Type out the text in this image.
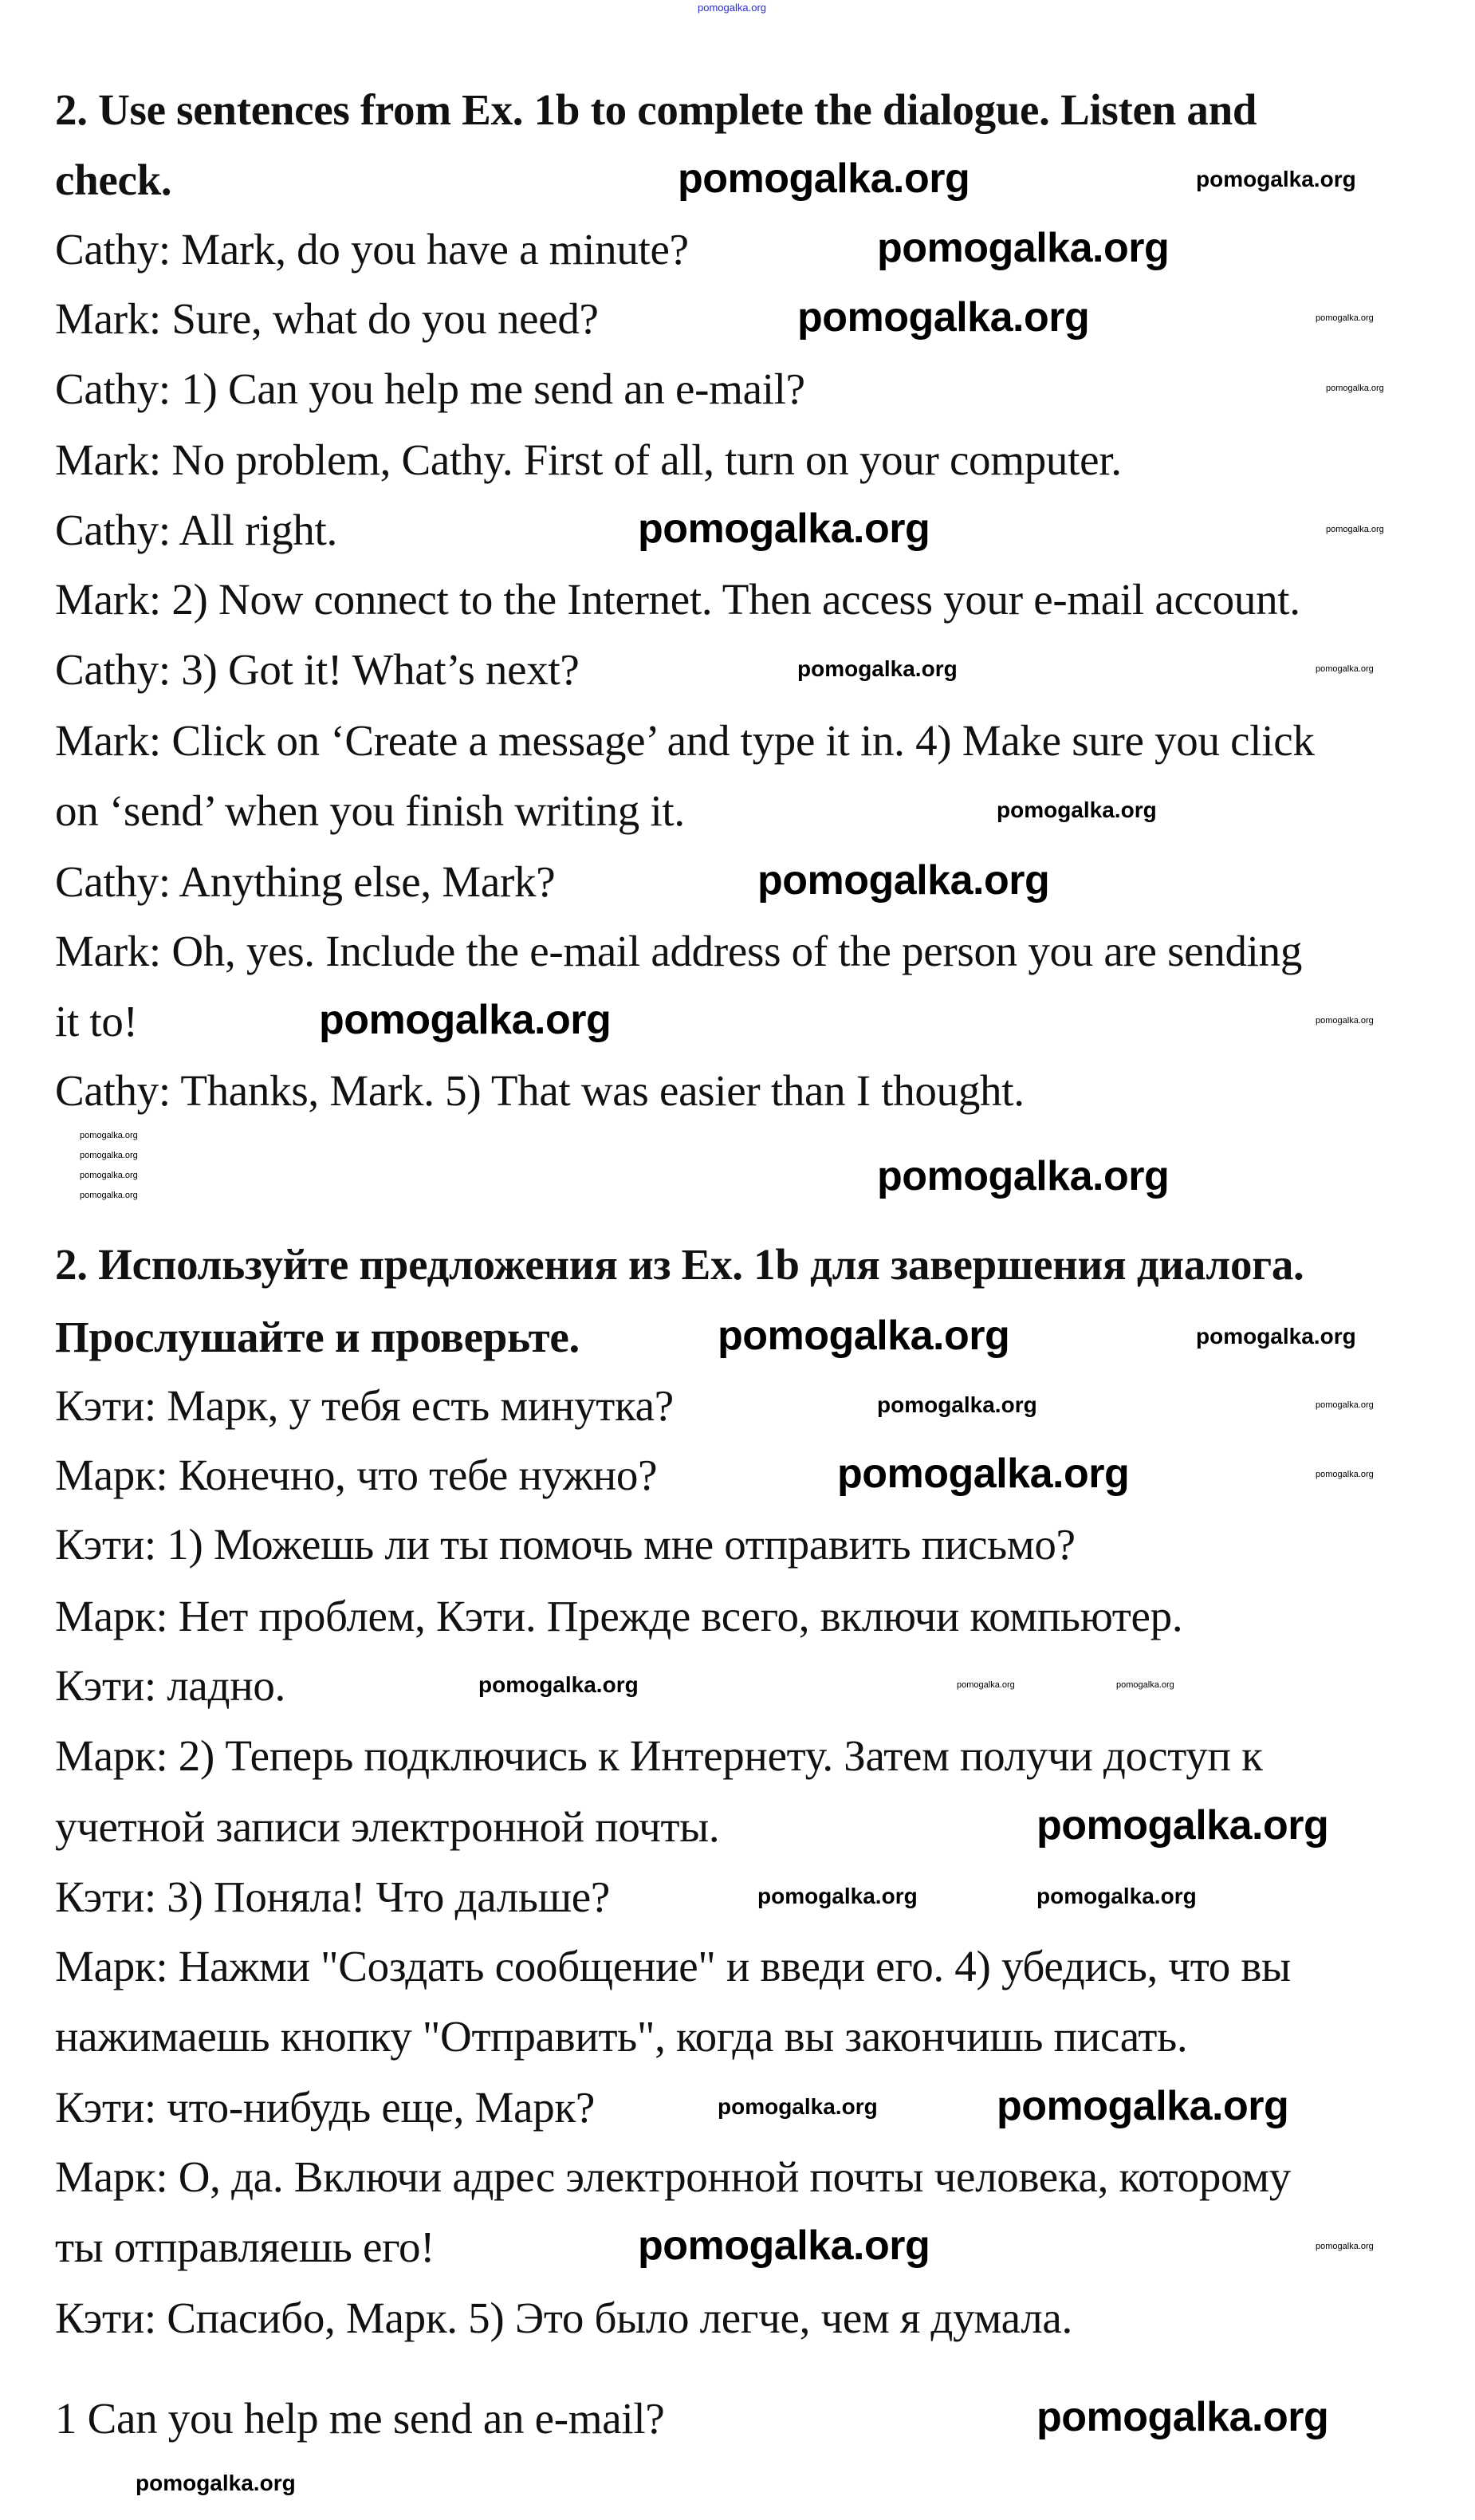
2. Use sentences from Ex. 1b to complete the dialogue. Listen and
check.
Cathy: Mark, do you have a minute?
Mark: Sure, what do you need?
Cathy: 1) Can you help me send an e-mail?
Mark: No problem, Cathy. First of all, turn on your computer.
Cathy: All right.
Mark: 2) Now connect to the Internet. Then access your e-mail account.
Cathy: 3) Got it! What’s next?
Mark: Click on ‘Create a message’ and type it in. 4) Make sure you click
on ‘send’ when you finish writing it.
Cathy: Anything else, Mark?
Mark: Oh, yes. Include the e-mail address of the person you are sending
it to!
Cathy: Thanks, Mark. 5) That was easier than I thought.
2. Используйте предложения из Ex. 1b для завершения диалога.
Прослушайте и проверьте.
Кэти: Марк, у тебя есть минутка?
Марк: Конечно, что тебе нужно?
Кэти: 1) Можешь ли ты помочь мне отправить письмо?
Марк: Нет проблем, Кэти. Прежде всего, включи компьютер.
Кэти: ладно.
Марк: 2) Теперь подключись к Интернету. Затем получи доступ к
учетной записи электронной почты.
Кэти: 3) Поняла! Что дальше?
Марк: Нажми "Создать сообщение" и введи его. 4) убедись, что вы
нажимаешь кнопку "Отправить", когда вы закончишь писать.
Кэти: что-нибудь еще, Марк?
Марк: О, да. Включи адрес электронной почты человека, которому
ты отправляешь его!
Кэти: Спасибо, Марк. 5) Это было легче, чем я думала.
1 Can you help me send an e-mail?
pomogalka.org
pomogalka.org
pomogalka.org
pomogalka.org
pomogalka.org
pomogalka.org
pomogalka.org
pomogalka.org
pomogalka.org
pomogalka.org
pomogalka.org
pomogalka.org
pomogalka.org
pomogalka.org
pomogalka.org
pomogalka.org
pomogalka.org
pomogalka.org
pomogalka.org
pomogalka.org	pomogalka.org
pomogalka.org
pomogalka.org
pomogalka.org
pomogalka.org
pomogalka.org
pomogalka.org
pomogalka.org
pomogalka.org
pomogalka.org
pomogalka.org
pomogalka.org	pomogalka.org
pomogalka.org
pomogalka.org
pomogalka.org
pomogalka.org
pomogalka.org
